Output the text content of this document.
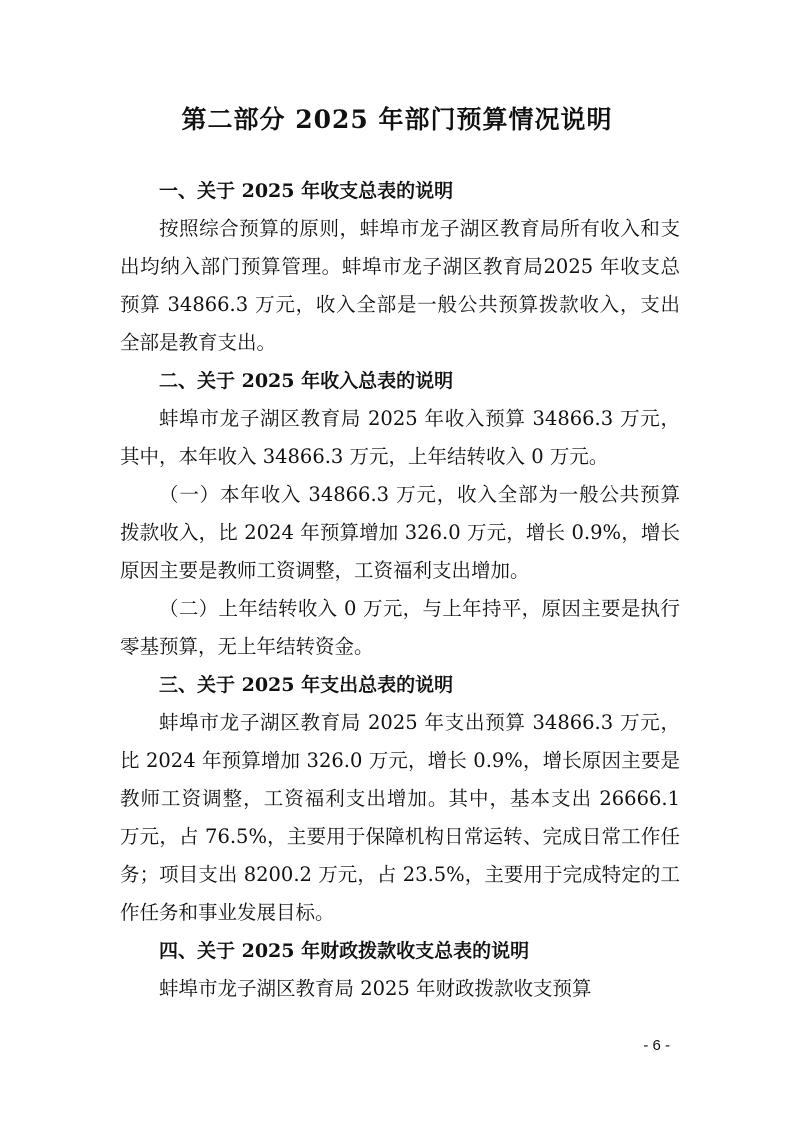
第二部分 2025 年部门预算情况说明
一、关于 2025 年收支总表的说明

按照综合预算的原则，蚌埠市龙子湖区教育局所有收入和支出均纳入部门预算管理。蚌埠市龙子湖区教育局2025 年收支总预算 34866.3 万元，收入全部是一般公共预算拨款收入，支出全部是教育支出。

二、关于 2025 年收入总表的说明

蚌埠市龙子湖区教育局 2025 年收入预算 34866.3 万元，其中，本年收入 34866.3 万元，上年结转收入 0 万元。

（一）本年收入 34866.3 万元，收入全部为一般公共预算拨款收入，比 2024 年预算增加 326.0 万元，增长 0.9%，增长原因主要是教师工资调整，工资福利支出增加。

（二）上年结转收入 0 万元，与上年持平，原因主要是执行零基预算，无上年结转资金。

三、关于 2025 年支出总表的说明

蚌埠市龙子湖区教育局 2025 年支出预算 34866.3 万元，比 2024 年预算增加 326.0 万元，增长 0.9%，增长原因主要是教师工资调整，工资福利支出增加。其中，基本支出 26666.1 万元，占 76.5%，主要用于保障机构日常运转、完成日常工作任务；项目支出 8200.2 万元，占 23.5%，主要用于完成特定的工作任务和事业发展目标。

四、关于 2025 年财政拨款收支总表的说明

蚌埠市龙子湖区教育局 2025 年财政拨款收支预算

- 6 -
